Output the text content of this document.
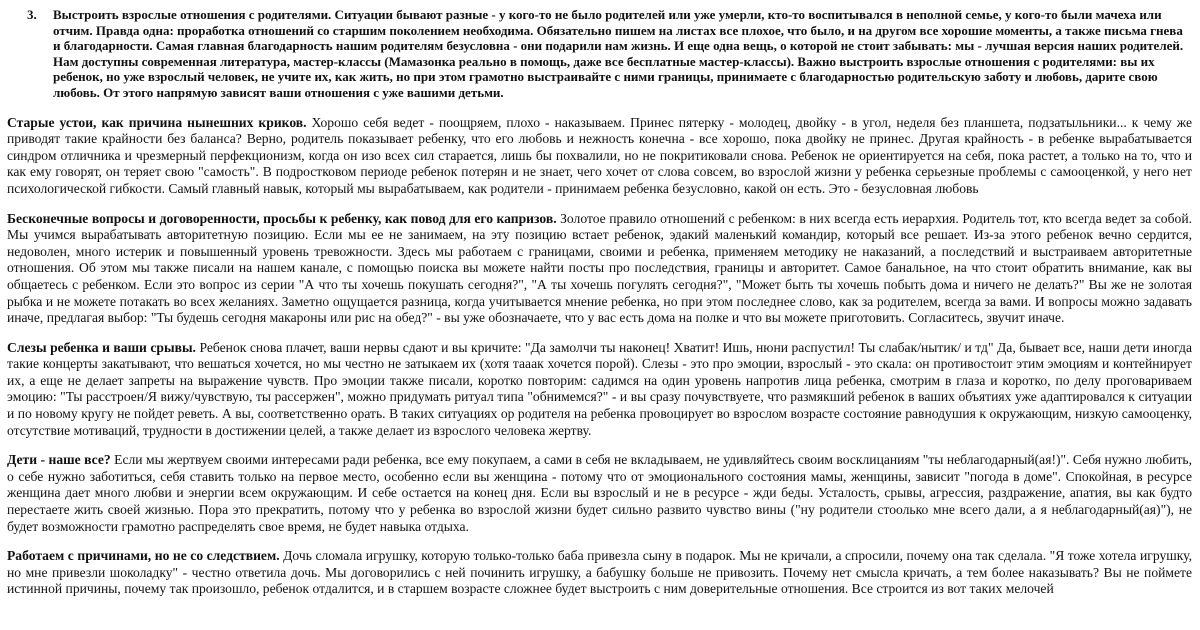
3.	Выстроить взрослые отношения с родителями. Ситуации бывают разные - у кого-то не было родителей или уже умерли, кто-то воспитывался в неполной семье, у кого-то были мачеха или отчим. Правда одна: проработка отношений со старшим поколением необходима. Обязательно пишем на листах все плохое, что было, и на другом все хорошие моменты, а также письма гнева и благодарности. Самая главная благодарность нашим родителям безусловна - они подарили нам жизнь. И еще одна вещь, о которой не стоит забывать: мы - лучшая версия наших родителей. Нам доступны современная литература, мастер-классы (Мамазонка реально в помощь, даже все бесплатные мастер-классы). Важно выстроить взрослые отношения с родителями: вы их ребенок, но уже взрослый человек, не учите их, как жить, но при этом грамотно выстраивайте с ними границы, принимаете с благодарностью родительскую заботу и любовь, дарите свою любовь. От этого напрямую зависят ваши отношения с уже вашими детьми.

Старые устои, как причина нынешних криков. Хорошо себя ведет - поощряем, плохо - наказываем. Принес пятерку - молодец, двойку - в угол, неделя без планшета, подзатыльники... к чему же приводят такие крайности без баланса? Верно, родитель показывает ребенку, что его любовь и нежность конечна - все хорошо, пока двойку не принес. Другая крайность - в ребенке вырабатывается синдром отличника и чрезмерный перфекционизм, когда он изо всех сил старается, лишь бы похвалили, но не покритиковали снова. Ребенок не ориентируется на себя, пока растет, а только на то, что и как ему говорят, он теряет свою "самость". В подростковом периоде ребенок потерян и не знает, чего хочет от слова совсем, во взрослой жизни у ребенка серьезные проблемы с самооценкой, у него нет психологической гибкости. Самый главный навык, который мы вырабатываем, как родители - принимаем ребенка безусловно, какой он есть. Это - безусловная любовь

Бесконечные вопросы и договоренности, просьбы к ребенку, как повод для его капризов. Золотое правило отношений с ребенком: в них всегда есть иерархия. Родитель тот, кто всегда ведет за собой. Мы учимся вырабатывать авторитетную позицию. Если мы ее не занимаем, на эту позицию встает ребенок, эдакий маленький командир, который все решает. Из-за этого ребенок вечно сердится, недоволен, много истерик и повышенный уровень тревожности. Здесь мы работаем с границами, своими и ребенка, применяем методику не наказаний, а последствий и выстраиваем авторитетные отношения. Об этом мы также писали на нашем канале, с помощью поиска вы можете найти посты про последствия, границы и авторитет. Самое банальное, на что стоит обратить внимание, как вы общаетесь с ребенком. Если это вопрос из серии "А что ты хочешь покушать сегодня?", "А ты хочешь погулять сегодня?", "Может быть ты хочешь побыть дома и ничего не делать?" Вы же не золотая рыбка и не можете потакать во всех желаниях. Заметно ощущается разница, когда учитывается мнение ребенка, но при этом последнее слово, как за родителем, всегда за вами. И вопросы можно задавать иначе, предлагая выбор: "Ты будешь сегодня макароны или рис на обед?" - вы уже обозначаете, что у вас есть дома на полке и что вы можете приготовить. Согласитесь, звучит иначе.

Слезы ребенка и ваши срывы. Ребенок снова плачет, ваши нервы сдают и вы кричите: "Да замолчи ты наконец! Хватит! Ишь, нюни распустил! Ты слабак/нытик/ и тд" Да, бывает все, наши дети иногда такие концерты закатывают, что вешаться хочется, но мы честно не затыкаем их (хотя тааак хочется порой). Слезы - это про эмоции, взрослый - это скала: он противостоит этим эмоциям и контейнирует их, а еще не делает запреты на выражение чувств. Про эмоции также писали, коротко повторим: садимся на один уровень напротив лица ребенка, смотрим в глаза и коротко, по делу проговариваем эмоцию: "Ты расстроен/Я вижу/чувствую, ты рассержен", можно придумать ритуал типа "обнимемся?" - и вы сразу почувствуете, что размякший ребенок в ваших объятиях уже адаптировался к ситуации и по новому кругу не пойдет реветь. А вы, соответственно орать. В таких ситуациях ор родителя на ребенка провоцирует во взрослом возрасте состояние равнодушия к окружающим, низкую самооценку, отсутствие мотиваций, трудности в достижении целей, а также делает из взрослого человека жертву.

Дети - наше все? Если мы жертвуем своими интересами ради ребенка, все ему покупаем, а сами в себя не вкладываем, не удивляйтесь своим восклицаниям "ты неблагодарный(ая!)". Себя нужно любить, о себе нужно заботиться, себя ставить только на первое место, особенно если вы женщина - потому что от эмоционального состояния мамы, женщины, зависит "погода в доме". Спокойная, в ресурсе женщина дает много любви и энергии всем окружающим. И себе остается на конец дня. Если вы взрослый и не в ресурсе - жди беды. Усталость, срывы, агрессия, раздражение, апатия, вы как будто перестаете жить своей жизнью. Пора это прекратить, потому что у ребенка во взрослой жизни будет сильно развито чувство вины ("ну родители стоолько мне всего дали, а я неблагодарный(ая)"), не будет возможности грамотно распределять свое время, не будет навыка отдыха.

Работаем с причинами, но не со следствием. Дочь сломала игрушку, которую только-только баба привезла сыну в подарок. Мы не кричали, а спросили, почему она так сделала. "Я тоже хотела игрушку, но мне привезли шоколадку" - честно ответила дочь. Мы договорились с ней починить игрушку, а бабушку больше не привозить. Почему нет смысла кричать, а тем более наказывать? Вы не поймете истинной причины, почему так произошло, ребенок отдалится, и в старшем возрасте сложнее будет выстроить с ним доверительные отношения. Все строится из вот таких мелочей
